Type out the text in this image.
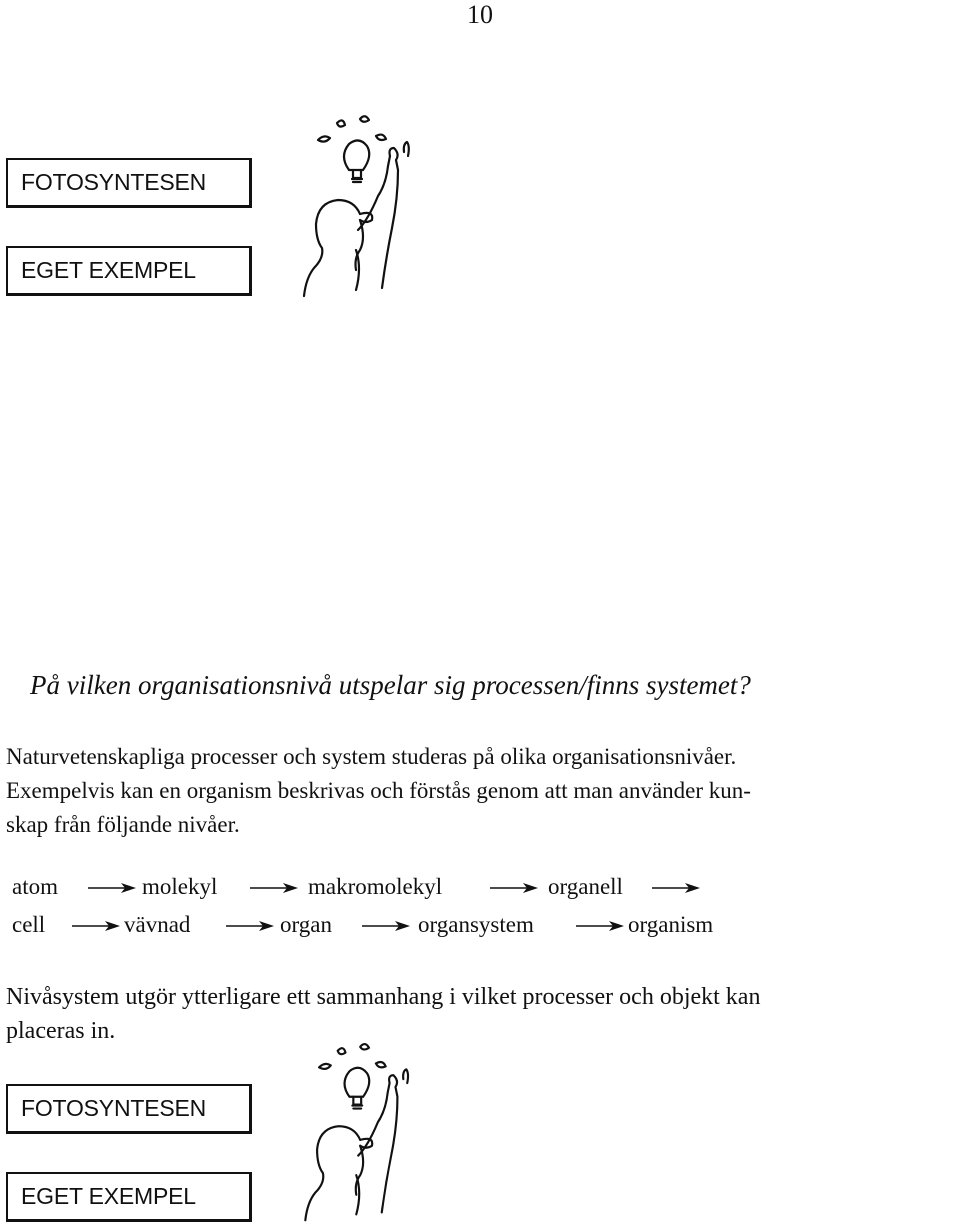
10
FOTOSYNTESEN
EGET EXEMPEL
På vilken organisationsnivå utspelar sig processen/finns systemet?
Naturvetenskapliga processer och system studeras på olika organisationsnivåer.
Exempelvis kan en organism beskrivas och förstås genom att man använder kun-
skap från följande nivåer.
atom	molekyl	makromolekyl	organell
cell	vävnad	organ	organsystem	organism
Nivåsystem utgör ytterligare ett sammanhang i vilket processer och objekt kan
placeras in.
FOTOSYNTESEN
EGET EXEMPEL
